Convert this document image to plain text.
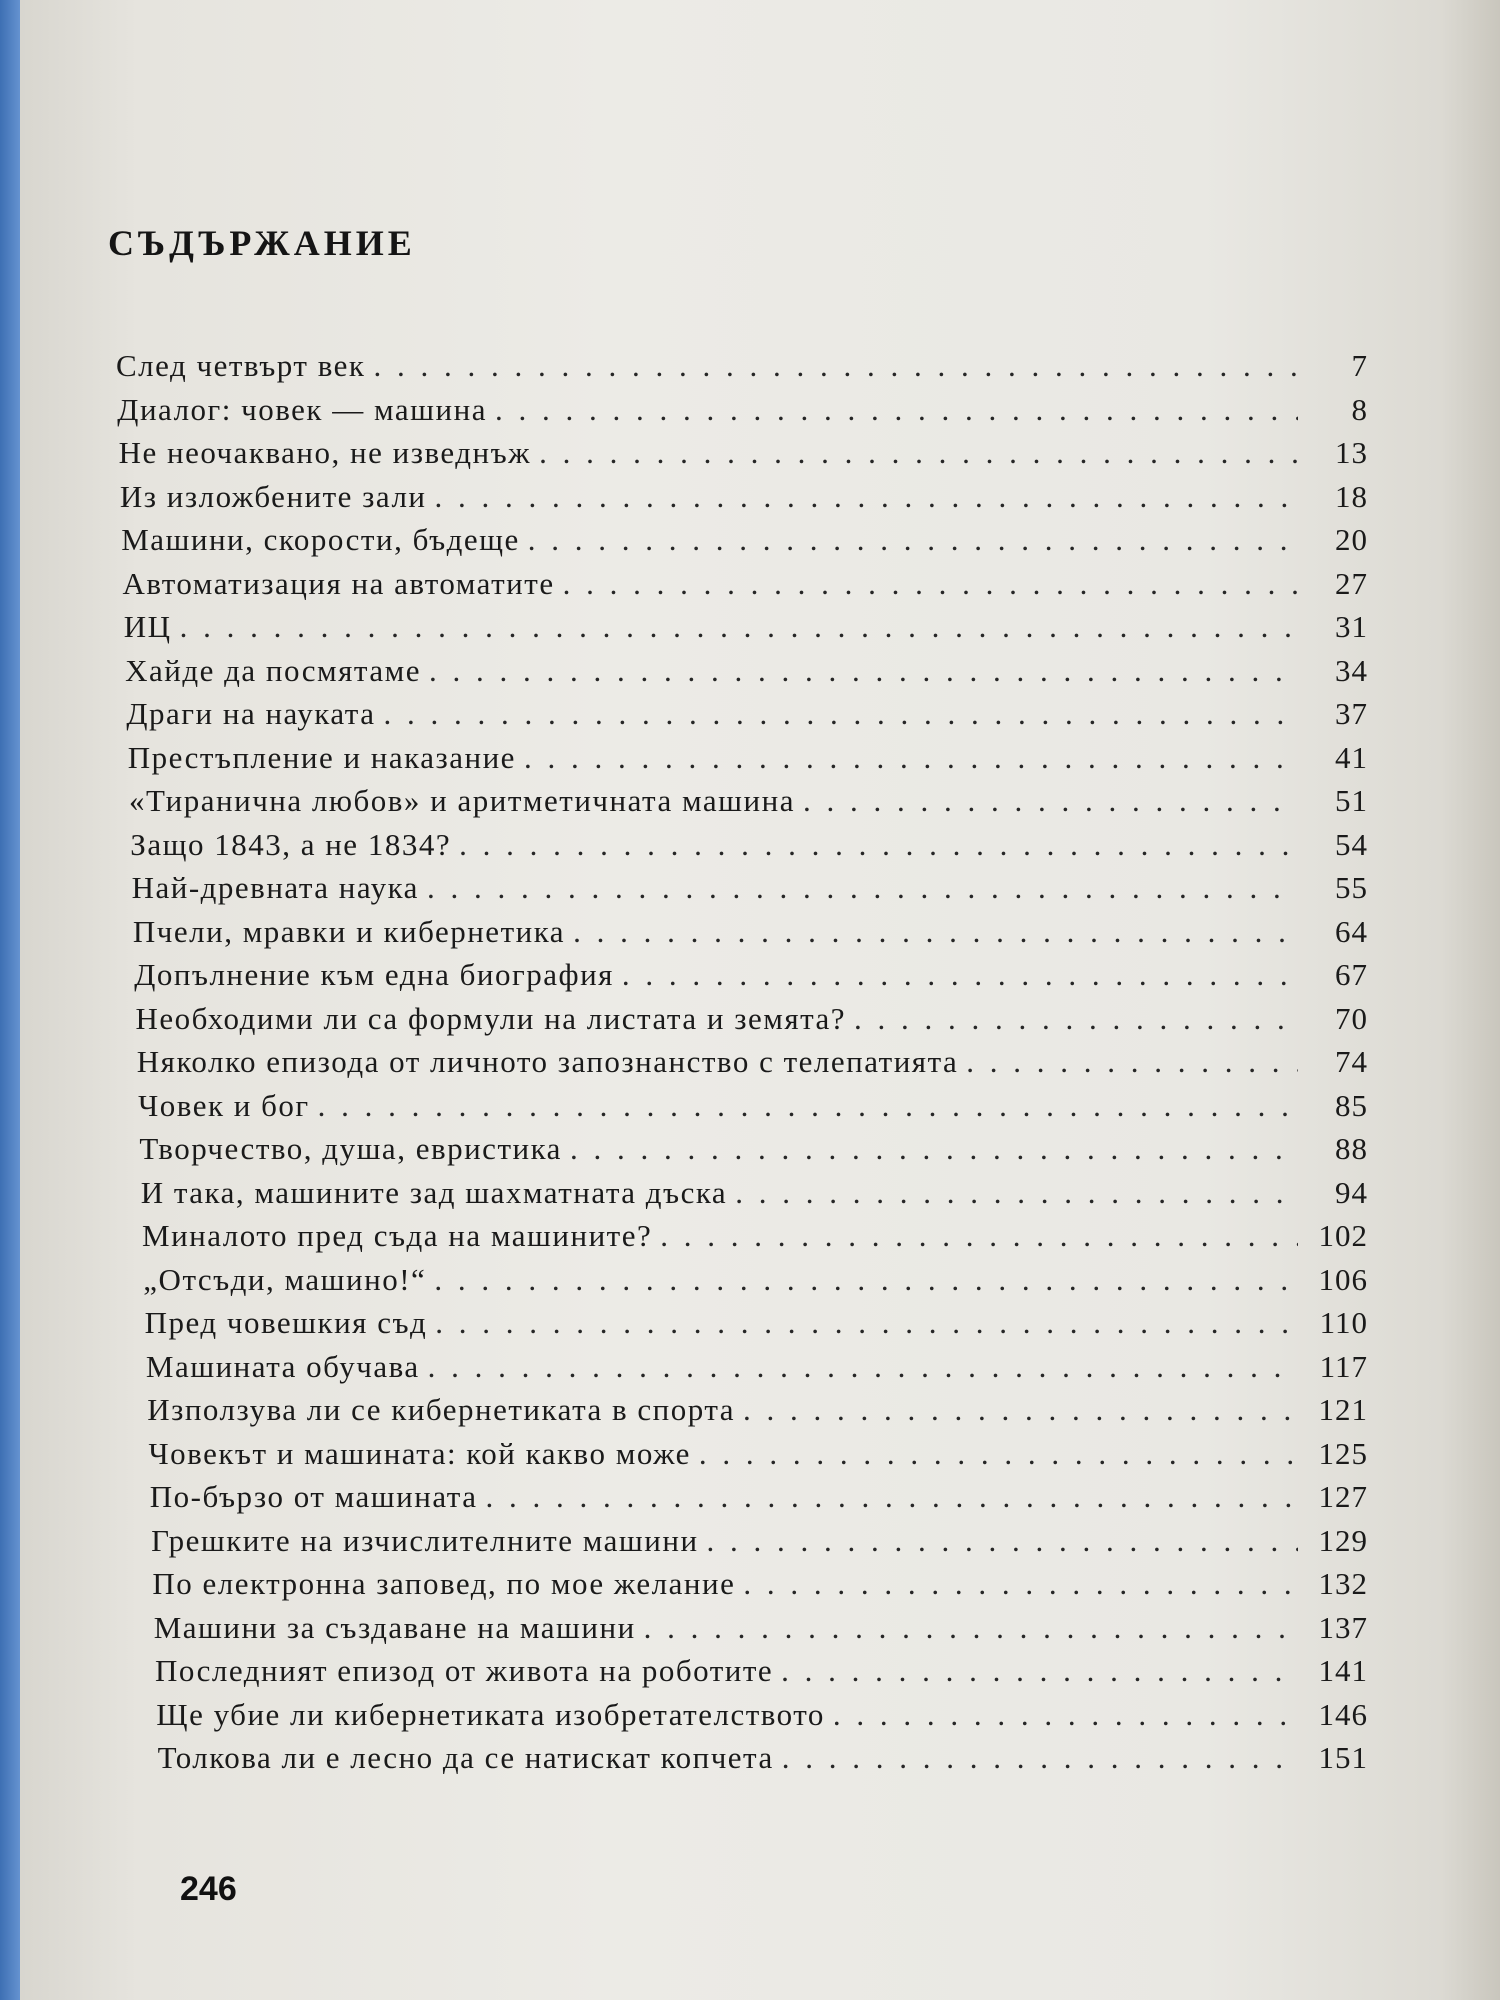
СЪДЪРЖАНИЕ
След четвърт век . . .	7
Диалог: човек — машина . . .	8
Не неочаквано, не изведнъж . . .	13
Из изложбените зали . . .	18
Машини, скорости, бъдеще . . .	20
Автоматизация на автоматите . . .	27
ИЦ . . .	31
Хайде да посмятаме . . .	34
Драги на науката . . .	37
Престъпление и наказание . . .	41
«Тиранична любов» и аритметичната машина . . .	51
Защо 1843, а не 1834? . . .	54
Най-древната наука . . .	55
Пчели, мравки и кибернетика . . .	64
Допълнение към една биография . . .	67
Необходими ли са формули на листата и земята? . . .	70
Няколко епизода от личното запознанство с телепатията . . .	74
Човек и бог . . .	85
Творчество, душа, евристика . . .	88
И така, машините зад шахматната дъска . . .	94
Миналото пред съда на машините? . . .	102
„Отсъди, машино!“ . . .	106
Пред човешкия съд . . .	110
Машината обучава . . .	117
Използува ли се кибернетиката в спорта . . .	121
Човекът и машината: кой какво може . . .	125
По-бързо от машината . . .	127
Грешките на изчислителните машини . . .	129
По електронна заповед, по мое желание . . .	132
Машини за създаване на машини . . .	137
Последният епизод от живота на роботите . . .	141
Ще убие ли кибернетиката изобретателството . . .	146
Толкова ли е лесно да се натискат копчета . . .	151
246
